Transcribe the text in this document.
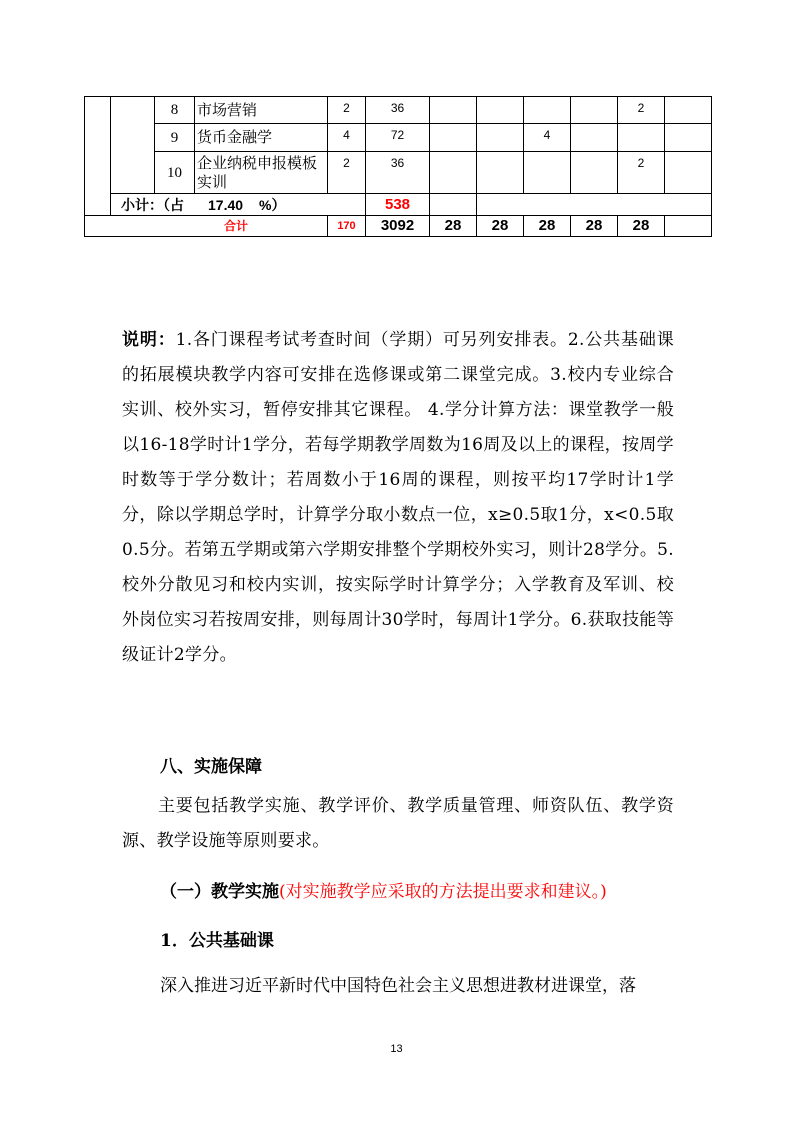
		8	市场营销	2	36					2		
		9	货币金融学	4	72			4				
		10	企业纳税申报模板实训	2	36					2		
	小计：（占 17.40 %）				538							
合计				170	3092	28	28	28	28	28		
说明：1.各门课程考试考查时间（学期）可另列安排表。2.公共基础课的拓展模块教学内容可安排在选修课或第二课堂完成。3.校内专业综合实训、校外实习，暂停安排其它课程。 4.学分计算方法：课堂教学一般以16-18学时计1学分，若每学期教学周数为16周及以上的课程，按周学时数等于学分数计；若周数小于16周的课程，则按平均17学时计1学分，除以学期总学时，计算学分取小数点一位，x≥0.5取1分，x<0.5取0.5分。若第五学期或第六学期安排整个学期校外实习，则计28学分。5.校外分散见习和校内实训，按实际学时计算学分；入学教育及军训、校外岗位实习若按周安排，则每周计30学时，每周计1学分。6.获取技能等级证计2学分。
八、实施保障
主要包括教学实施、教学评价、教学质量管理、师资队伍、教学资源、教学设施等原则要求。
（一）教学实施(对实施教学应采取的方法提出要求和建议。)
1．公共基础课
深入推进习近平新时代中国特色社会主义思想进教材进课堂，落
13
